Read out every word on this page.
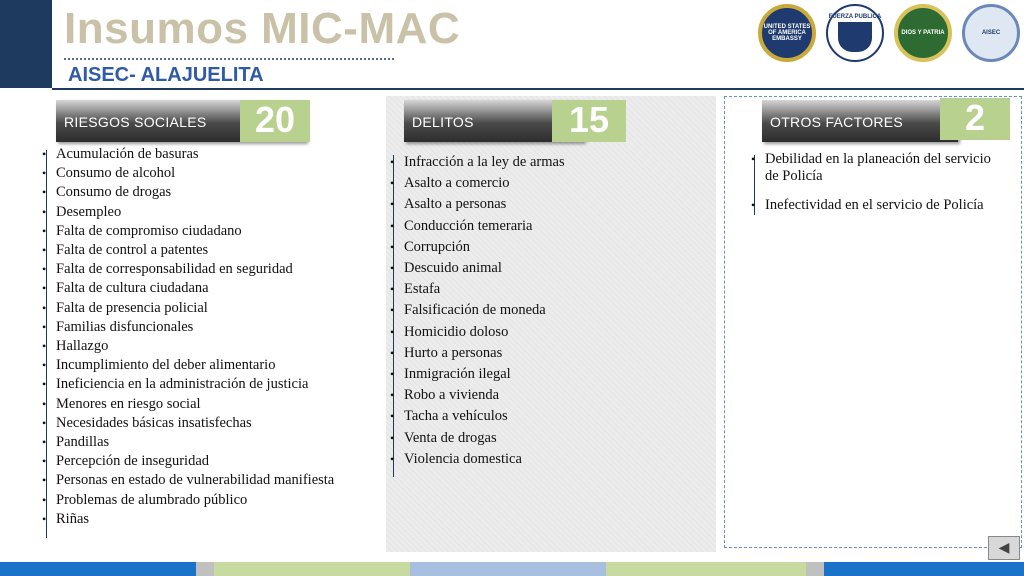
Insumos MIC-MAC
AISEC- ALAJUELITA
UNITED STATES OF AMERICA EMBASSY
FUERZA PUBLICA
DIOS Y PATRIA	AISEC
RIESGOS SOCIALES	20
• Acumulación de basuras
• Consumo de alcohol
• Consumo de drogas
• Desempleo
• Falta de compromiso ciudadano
• Falta de control a patentes
• Falta de corresponsabilidad en seguridad
• Falta de cultura ciudadana
• Falta de presencia policial
• Familias disfuncionales
• Hallazgo
• Incumplimiento del deber alimentario
• Ineficiencia en la administración de justicia
• Menores en riesgo social
• Necesidades básicas insatisfechas
• Pandillas
• Percepción de inseguridad
• Personas en estado de vulnerabilidad manifiesta
• Problemas de alumbrado público
• Riñas
DELITOS	15
• Infracción a la ley de armas
• Asalto a comercio
• Asalto a personas
• Conducción temeraria
• Corrupción
• Descuido animal
• Estafa
• Falsificación de moneda
• Homicidio doloso
• Hurto a personas
• Inmigración ilegal
• Robo a vivienda
• Tacha a vehículos
• Venta de drogas
• Violencia domestica
OTROS FACTORES	2
• Debilidad en la planeación del servicio de Policía
• Inefectividad en el servicio de Policía
◀
